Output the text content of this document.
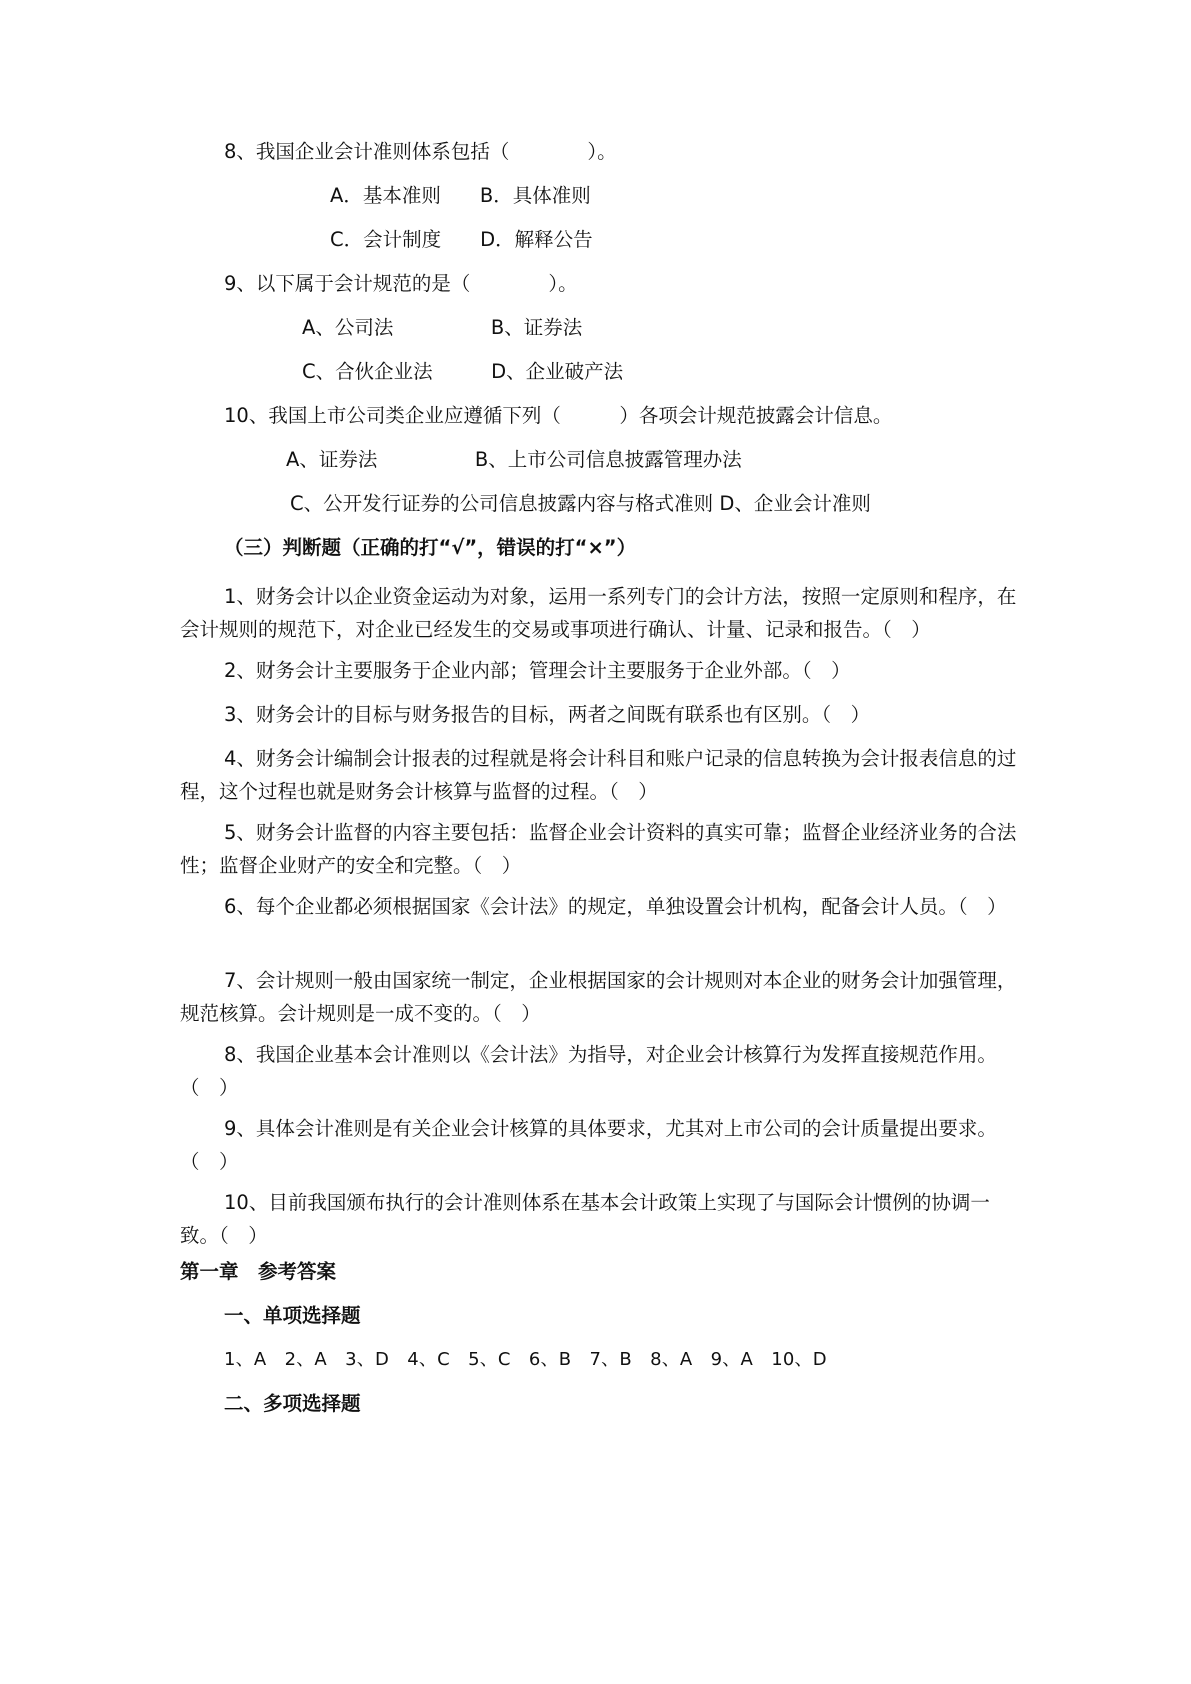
8、我国企业会计准则体系包括（　　　　）。
A．基本准则　　B．具体准则
C．会计制度　　D．解释公告
9、以下属于会计规范的是（　　　　）。
A、公司法　　　　　B、证券法
C、合伙企业法　　　D、企业破产法
10、我国上市公司类企业应遵循下列（　　　）各项会计规范披露会计信息。
A、证券法　　　　　B、上市公司信息披露管理办法
C、公开发行证券的公司信息披露内容与格式准则 D、企业会计准则
（三）判断题（正确的打“√”，错误的打“×”）
1、财务会计以企业资金运动为对象，运用一系列专门的会计方法，按照一定原则和程序，在会计规则的规范下，对企业已经发生的交易或事项进行确认、计量、记录和报告。（　）
2、财务会计主要服务于企业内部；管理会计主要服务于企业外部。（　）
3、财务会计的目标与财务报告的目标，两者之间既有联系也有区别。（　）
4、财务会计编制会计报表的过程就是将会计科目和账户记录的信息转换为会计报表信息的过程，这个过程也就是财务会计核算与监督的过程。（　）
5、财务会计监督的内容主要包括：监督企业会计资料的真实可靠；监督企业经济业务的合法性；监督企业财产的安全和完整。（　）
6、每个企业都必须根据国家《会计法》的规定，单独设置会计机构，配备会计人员。（　）
7、会计规则一般由国家统一制定，企业根据国家的会计规则对本企业的财务会计加强管理，规范核算。会计规则是一成不变的。（　）
8、我国企业基本会计准则以《会计法》为指导，对企业会计核算行为发挥直接规范作用。（　）
9、具体会计准则是有关企业会计核算的具体要求，尤其对上市公司的会计质量提出要求。（　）
10、目前我国颁布执行的会计准则体系在基本会计政策上实现了与国际会计惯例的协调一致。（　）
第一章　参考答案
一、单项选择题
1、A　2、A　3、D　4、C　5、C　6、B　7、B　8、A　9、A　10、D
二、多项选择题
